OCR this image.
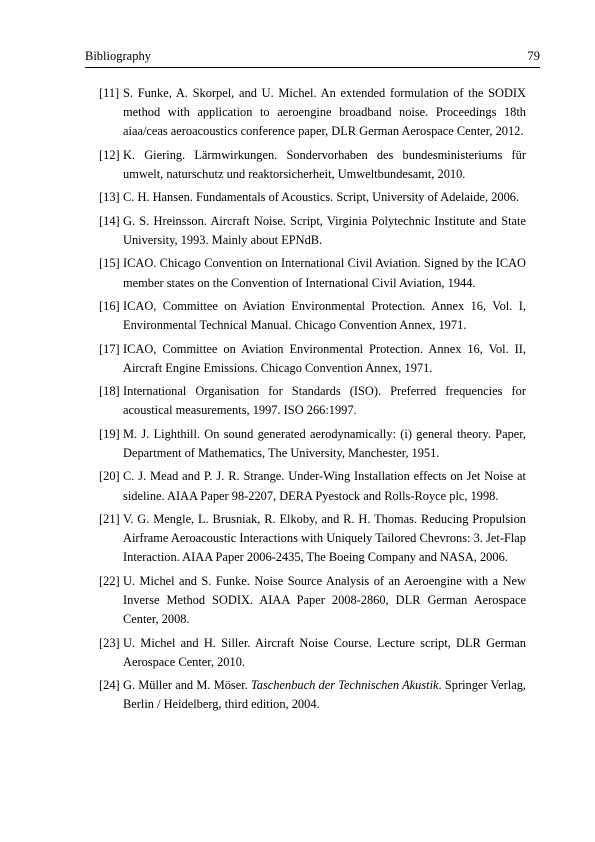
Bibliography	79
[11] S. Funke, A. Skorpel, and U. Michel. An extended formulation of the SODIX method with application to aeroengine broadband noise. Proceedings 18th aiaa/ceas aeroacoustics conference paper, DLR German Aerospace Center, 2012.
[12] K. Giering. Lärmwirkungen. Sondervorhaben des bundesministeriums für umwelt, naturschutz und reaktorsicherheit, Umweltbundesamt, 2010.
[13] C. H. Hansen. Fundamentals of Acoustics. Script, University of Adelaide, 2006.
[14] G. S. Hreinsson. Aircraft Noise. Script, Virginia Polytechnic Institute and State University, 1993. Mainly about EPNdB.
[15] ICAO. Chicago Convention on International Civil Aviation. Signed by the ICAO member states on the Convention of International Civil Aviation, 1944.
[16] ICAO, Committee on Aviation Environmental Protection. Annex 16, Vol. I, Environmental Technical Manual. Chicago Convention Annex, 1971.
[17] ICAO, Committee on Aviation Environmental Protection. Annex 16, Vol. II, Aircraft Engine Emissions. Chicago Convention Annex, 1971.
[18] International Organisation for Standards (ISO). Preferred frequencies for acoustical measurements, 1997. ISO 266:1997.
[19] M. J. Lighthill. On sound generated aerodynamically: (i) general theory. Paper, Department of Mathematics, The University, Manchester, 1951.
[20] C. J. Mead and P. J. R. Strange. Under-Wing Installation effects on Jet Noise at sideline. AIAA Paper 98-2207, DERA Pyestock and Rolls-Royce plc, 1998.
[21] V. G. Mengle, L. Brusniak, R. Elkoby, and R. H. Thomas. Reducing Propulsion Airframe Aeroacoustic Interactions with Uniquely Tailored Chevrons: 3. Jet-Flap Interaction. AIAA Paper 2006-2435, The Boeing Company and NASA, 2006.
[22] U. Michel and S. Funke. Noise Source Analysis of an Aeroengine with a New Inverse Method SODIX. AIAA Paper 2008-2860, DLR German Aerospace Center, 2008.
[23] U. Michel and H. Siller. Aircraft Noise Course. Lecture script, DLR German Aerospace Center, 2010.
[24] G. Müller and M. Möser. Taschenbuch der Technischen Akustik. Springer Verlag, Berlin / Heidelberg, third edition, 2004.
